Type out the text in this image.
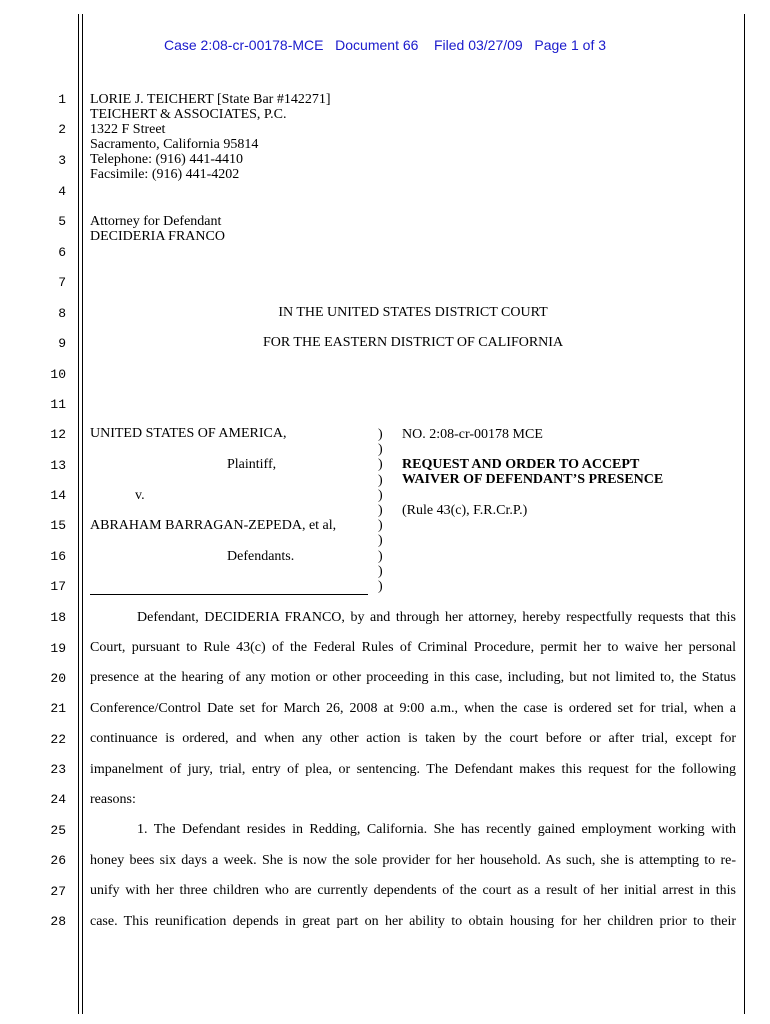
Case 2:08-cr-00178-MCE   Document 66    Filed 03/27/09   Page 1 of 3
1
2
3
4
5
6
7
8
9
10
11
12
13
14
15
16
17
18
19
20
21
22
23
24
25
26
27
28
LORIE J. TEICHERT [State Bar #142271]
TEICHERT & ASSOCIATES, P.C.
1322 F Street
Sacramento, California 95814
Telephone: (916) 441-4410
Facsimile: (916) 441-4202
Attorney for Defendant
DECIDERIA FRANCO
IN THE UNITED STATES DISTRICT COURT
FOR THE EASTERN DISTRICT OF CALIFORNIA
UNITED STATES OF AMERICA,
Plaintiff,
v.
ABRAHAM BARRAGAN-ZEPEDA, et al,
Defendants.
)
)
)
)
)
)
)
)
)
)
)
NO. 2:08-cr-00178 MCE
REQUEST AND ORDER TO ACCEPT
WAIVER OF DEFENDANT’S PRESENCE
(Rule 43(c), F.R.Cr.P.)
Defendant, DECIDERIA FRANCO, by and through her attorney, hereby respectfully requests that this
Court, pursuant to Rule 43(c) of the Federal Rules of Criminal Procedure, permit her to waive her personal
presence at the hearing of any motion or other proceeding in this case, including, but not limited to, the Status
Conference/Control Date set for March 26, 2008 at 9:00 a.m., when the case is ordered set for trial, when a
continuance is ordered, and when any other action is taken by the court before or after trial, except for
impanelment of jury, trial, entry of plea, or sentencing. The Defendant makes this request for the following
reasons:
1. The Defendant resides in Redding, California. She has recently gained employment working with
honey bees six days a week. She is now the sole provider for her household. As such, she is attempting to re-
unify with her three children who are currently dependents of the court as a result of her initial arrest in this
case. This reunification depends in great part on her ability to obtain housing for her children prior to their
